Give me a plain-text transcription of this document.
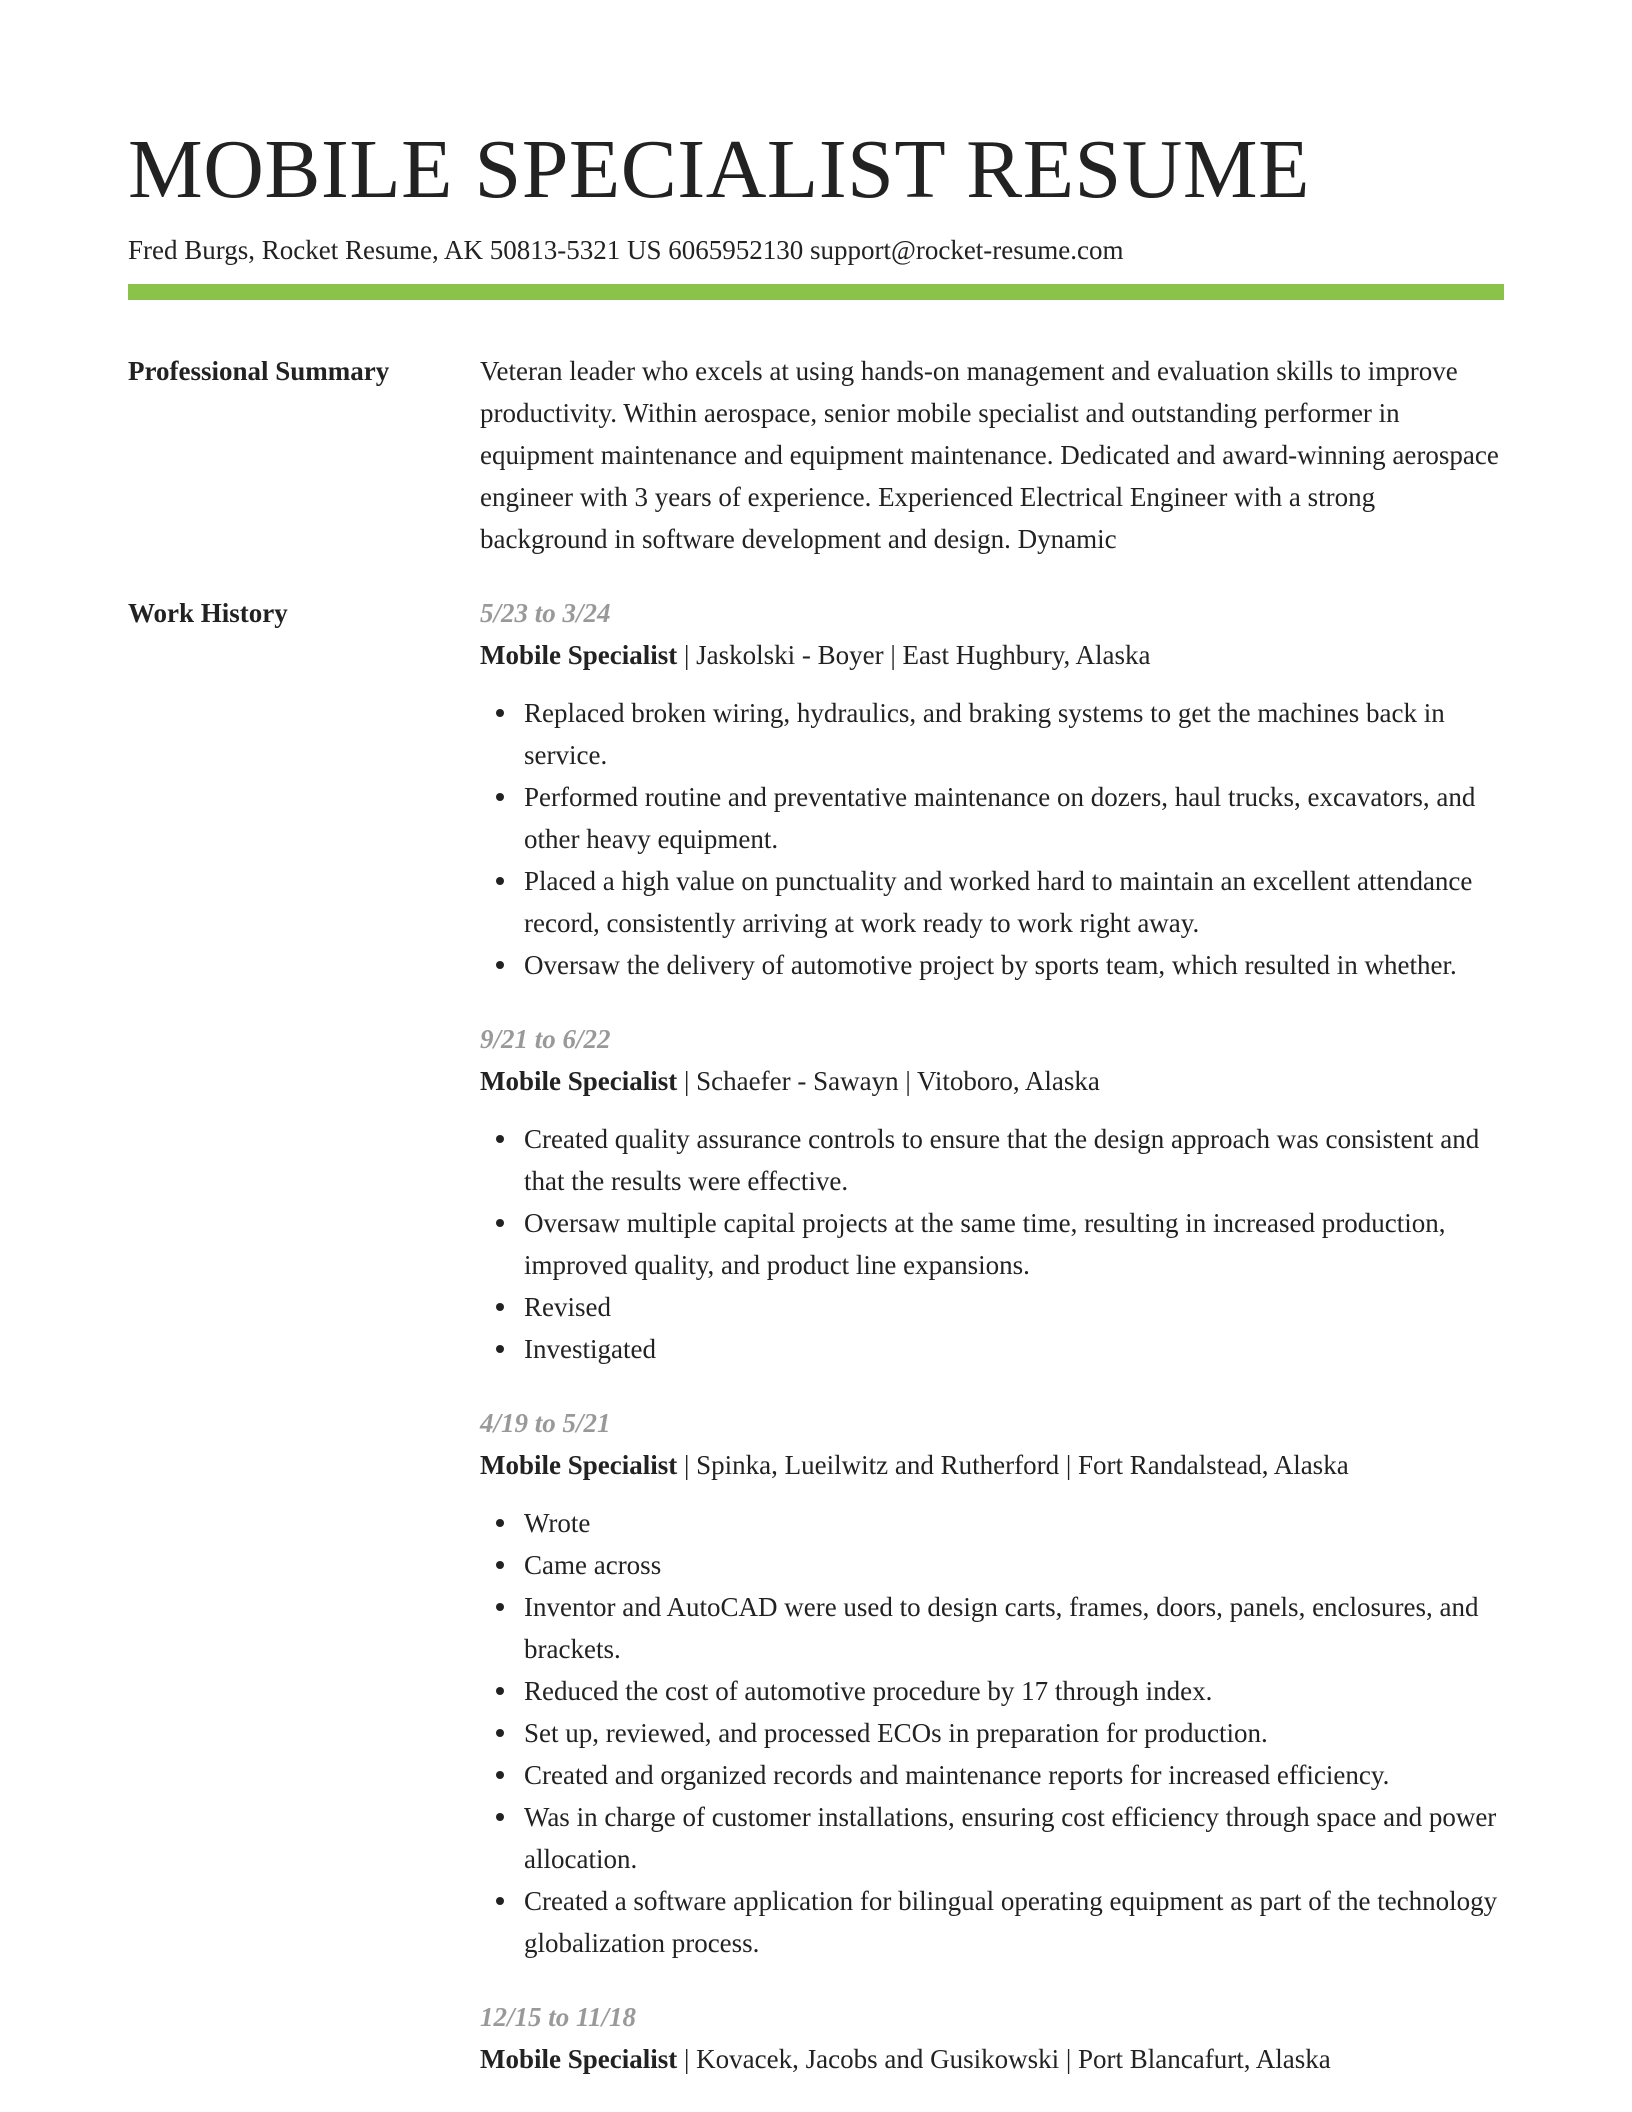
MOBILE SPECIALIST RESUME
Fred Burgs, Rocket Resume, AK 50813-5321 US 6065952130 support@rocket-resume.com
Professional Summary	Veteran leader who excels at using hands-on management and evaluation skills to improve productivity. Within aerospace, senior mobile specialist and outstanding performer in equipment maintenance and equipment maintenance. Dedicated and award-winning aerospace engineer with 3 years of experience. Experienced Electrical Engineer with a strong background in software development and design. Dynamic
Work History	5/23 to 3/24
Mobile Specialist | Jaskolski - Boyer | East Hughbury, Alaska
Replaced broken wiring, hydraulics, and braking systems to get the machines back in service.
Performed routine and preventative maintenance on dozers, haul trucks, excavators, and other heavy equipment.
Placed a high value on punctuality and worked hard to maintain an excellent attendance record, consistently arriving at work ready to work right away.
Oversaw the delivery of automotive project by sports team, which resulted in whether.
9/21 to 6/22
Mobile Specialist | Schaefer - Sawayn | Vitoboro, Alaska
Created quality assurance controls to ensure that the design approach was consistent and that the results were effective.
Oversaw multiple capital projects at the same time, resulting in increased production, improved quality, and product line expansions.
Revised
Investigated
4/19 to 5/21
Mobile Specialist | Spinka, Lueilwitz and Rutherford | Fort Randalstead, Alaska
Wrote
Came across
Inventor and AutoCAD were used to design carts, frames, doors, panels, enclosures, and brackets.
Reduced the cost of automotive procedure by 17 through index.
Set up, reviewed, and processed ECOs in preparation for production.
Created and organized records and maintenance reports for increased efficiency.
Was in charge of customer installations, ensuring cost efficiency through space and power allocation.
Created a software application for bilingual operating equipment as part of the technology globalization process.
12/15 to 11/18
Mobile Specialist | Kovacek, Jacobs and Gusikowski | Port Blancafurt, Alaska
